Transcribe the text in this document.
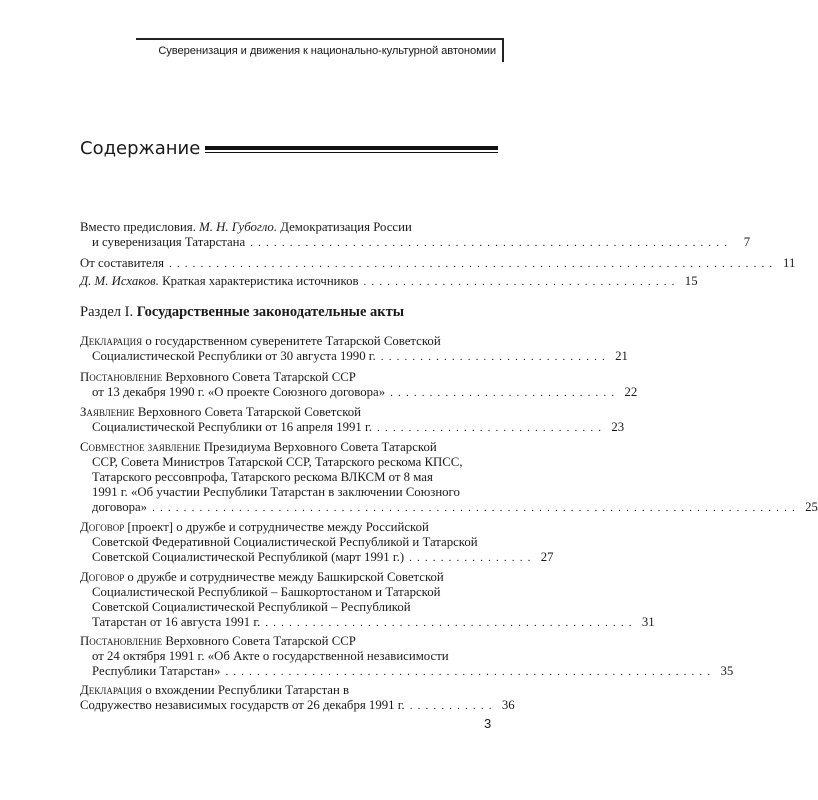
Суверенизация и движения к национально-культурной автономии
Содержание
Вместо предисловия. М. Н. Губогло. Демократизация России
и суверенизация Татарстана . . . . . . . . . . . . . . . . . . . . . . . . . . . . . . . . . . . . . . . . . . . . . . . . . . . . . . . . . . . . .	7
От составителя . . . . . . . . . . . . . . . . . . . . . . . . . . . . . . . . . . . . . . . . . . . . . . . . . . . . . . . . . . . . . . . . . . . . . . . . . . . . . 11
Д. М. Исхаков. Краткая характеристика источников . . . . . . . . . . . . . . . . . . . . . . . . . . . . . . . . . . . . . . . . 15
Раздел I. Государственные законодательные акты
Декларация о государственном суверенитете Татарской Советской
Социалистической Республики от 30 августа 1990 г. . . . . . . . . . . . . . . . . . . . . . . . . . . . . . 21
Постановление Верховного Совета Татарской ССР
от 13 декабря 1990 г. «О проекте Союзного договора» . . . . . . . . . . . . . . . . . . . . . . . . . . . . . 22
Заявление Верховного Совета Татарской Советской
Социалистической Республики от 16 апреля 1991 г. . . . . . . . . . . . . . . . . . . . . . . . . . . . . . 23
Совместное заявление Президиума Верховного Совета Татарской
ССР, Совета Министров Татарской ССР, Татарского рескома КПСС,
Татарского рессовпрофа, Татарского рескома ВЛКСМ от 8 мая
1991 г. «Об участии Республики Татарстан в заключении Союзного
договора» . . . . . . . . . . . . . . . . . . . . . . . . . . . . . . . . . . . . . . . . . . . . . . . . . . . . . . . . . . . . . . . . . . . . . . . . . . . . . . . . . . 25
Договор [проект] о дружбе и сотрудничестве между Российской
Советской Федеративной Социалистической Республикой и Татарской
Советской Социалистической Республикой (март 1991 г.) . . . . . . . . . . . . . . . . 27
Договор о дружбе и сотрудничестве между Башкирской Советской
Социалистической Республикой – Башкортостаном и Татарской
Советской Социалистической Республикой – Республикой
Татарстан от 16 августа 1991 г. . . . . . . . . . . . . . . . . . . . . . . . . . . . . . . . . . . . . . . . . . . . . . . . 31
Постановление Верховного Совета Татарской ССР
от 24 октября 1991 г. «Об Акте о государственной независимости
Республики Татарстан» . . . . . . . . . . . . . . . . . . . . . . . . . . . . . . . . . . . . . . . . . . . . . . . . . . . . . . . . . . . . . . 35
Декларация о вхождении Республики Татарстан в
Содружество независимых государств от 26 декабря 1991 г. . . . . . . . . . . . 36
3
